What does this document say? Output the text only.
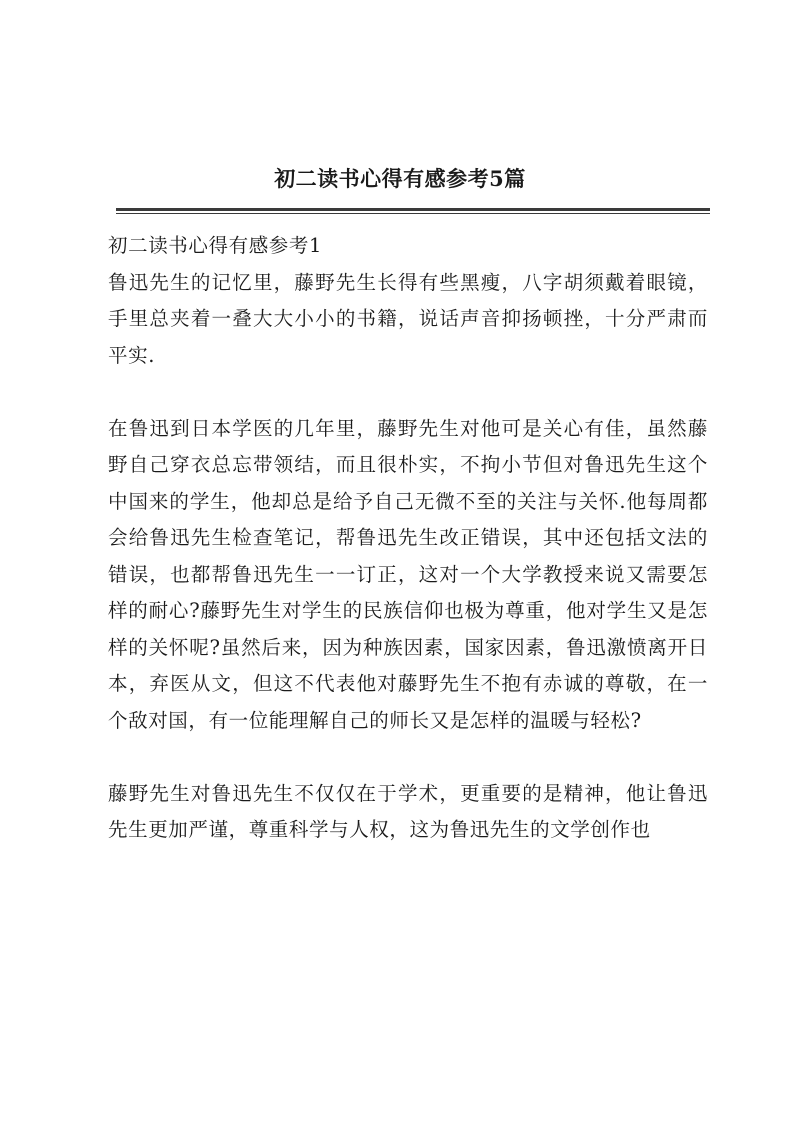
初二读书心得有感参考5篇

初二读书心得有感参考1

鲁迅先生的记忆里，藤野先生长得有些黑瘦，八字胡须戴着眼镜，手里总夹着一叠大大小小的书籍，说话声音抑扬顿挫，十分严肃而平实.

在鲁迅到日本学医的几年里，藤野先生对他可是关心有佳，虽然藤野自己穿衣总忘带领结，而且很朴实，不拘小节但对鲁迅先生这个中国来的学生，他却总是给予自己无微不至的关注与关怀.他每周都会给鲁迅先生检查笔记，帮鲁迅先生改正错误，其中还包括文法的错误，也都帮鲁迅先生一一订正，这对一个大学教授来说又需要怎样的耐心?藤野先生对学生的民族信仰也极为尊重，他对学生又是怎样的关怀呢?虽然后来，因为种族因素，国家因素，鲁迅激愤离开日本，弃医从文，但这不代表他对藤野先生不抱有赤诚的尊敬，在一个敌对国，有一位能理解自己的师长又是怎样的温暖与轻松?

藤野先生对鲁迅先生不仅仅在于学术，更重要的是精神，他让鲁迅先生更加严谨，尊重科学与人权，这为鲁迅先生的文学创作也
